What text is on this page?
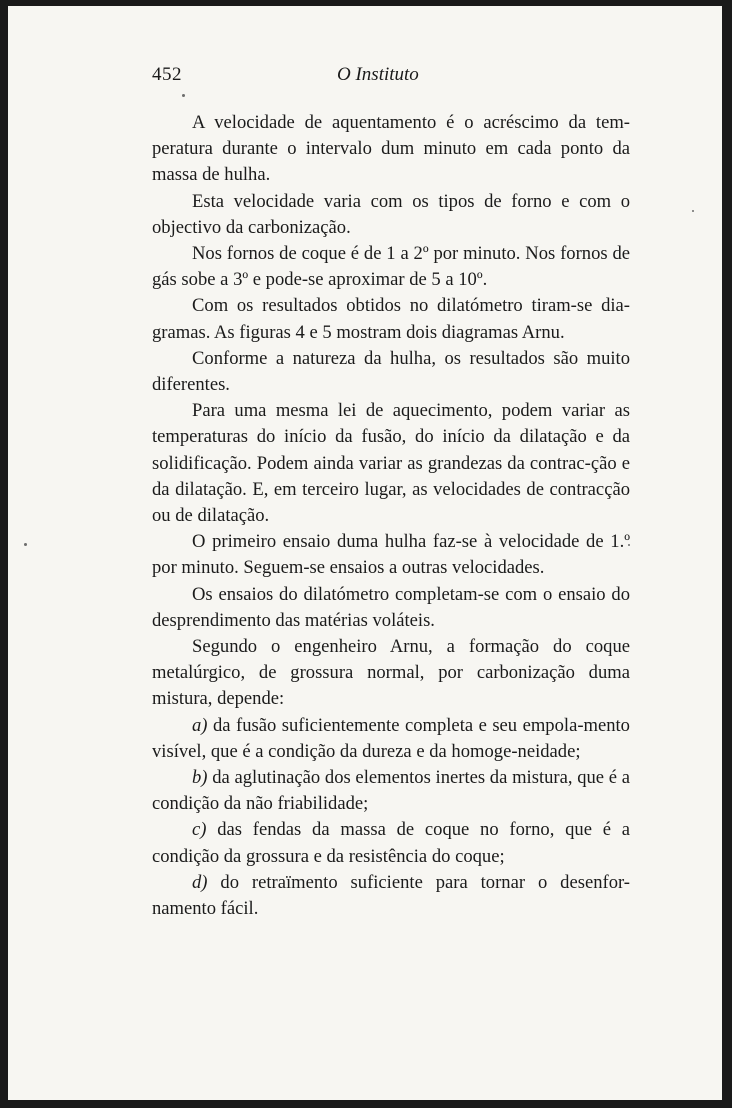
452	O Instituto

A velocidade de aquentamento é o acréscimo da tem-peratura durante o intervalo dum minuto em cada ponto da massa de hulha.

Esta velocidade varia com os tipos de forno e com o objectivo da carbonização.

Nos fornos de coque é de 1 a 2º por minuto. Nos fornos de gás sobe a 3º e pode-se aproximar de 5 a 10º.

Com os resultados obtidos no dilatómetro tiram-se dia-gramas. As figuras 4 e 5 mostram dois diagramas Arnu.

Conforme a natureza da hulha, os resultados são muito diferentes.

Para uma mesma lei de aquecimento, podem variar as temperaturas do início da fusão, do início da dilatação e da solidificação. Podem ainda variar as grandezas da contrac-ção e da dilatação. E, em terceiro lugar, as velocidades de contracção ou de dilatação.

O primeiro ensaio duma hulha faz-se à velocidade de 1.º por minuto. Seguem-se ensaios a outras velocidades.

Os ensaios do dilatómetro completam-se com o ensaio do desprendimento das matérias voláteis.

Segundo o engenheiro Arnu, a formação do coque metalúrgico, de grossura normal, por carbonização duma mistura, depende:

a) da fusão suficientemente completa e seu empola-mento visível, que é a condição da dureza e da homoge-neidade;

b) da aglutinação dos elementos inertes da mistura, que é a condição da não friabilidade;

c) das fendas da massa de coque no forno, que é a condição da grossura e da resistência do coque;

d) do retraïmento suficiente para tornar o desenfor-namento fácil.
